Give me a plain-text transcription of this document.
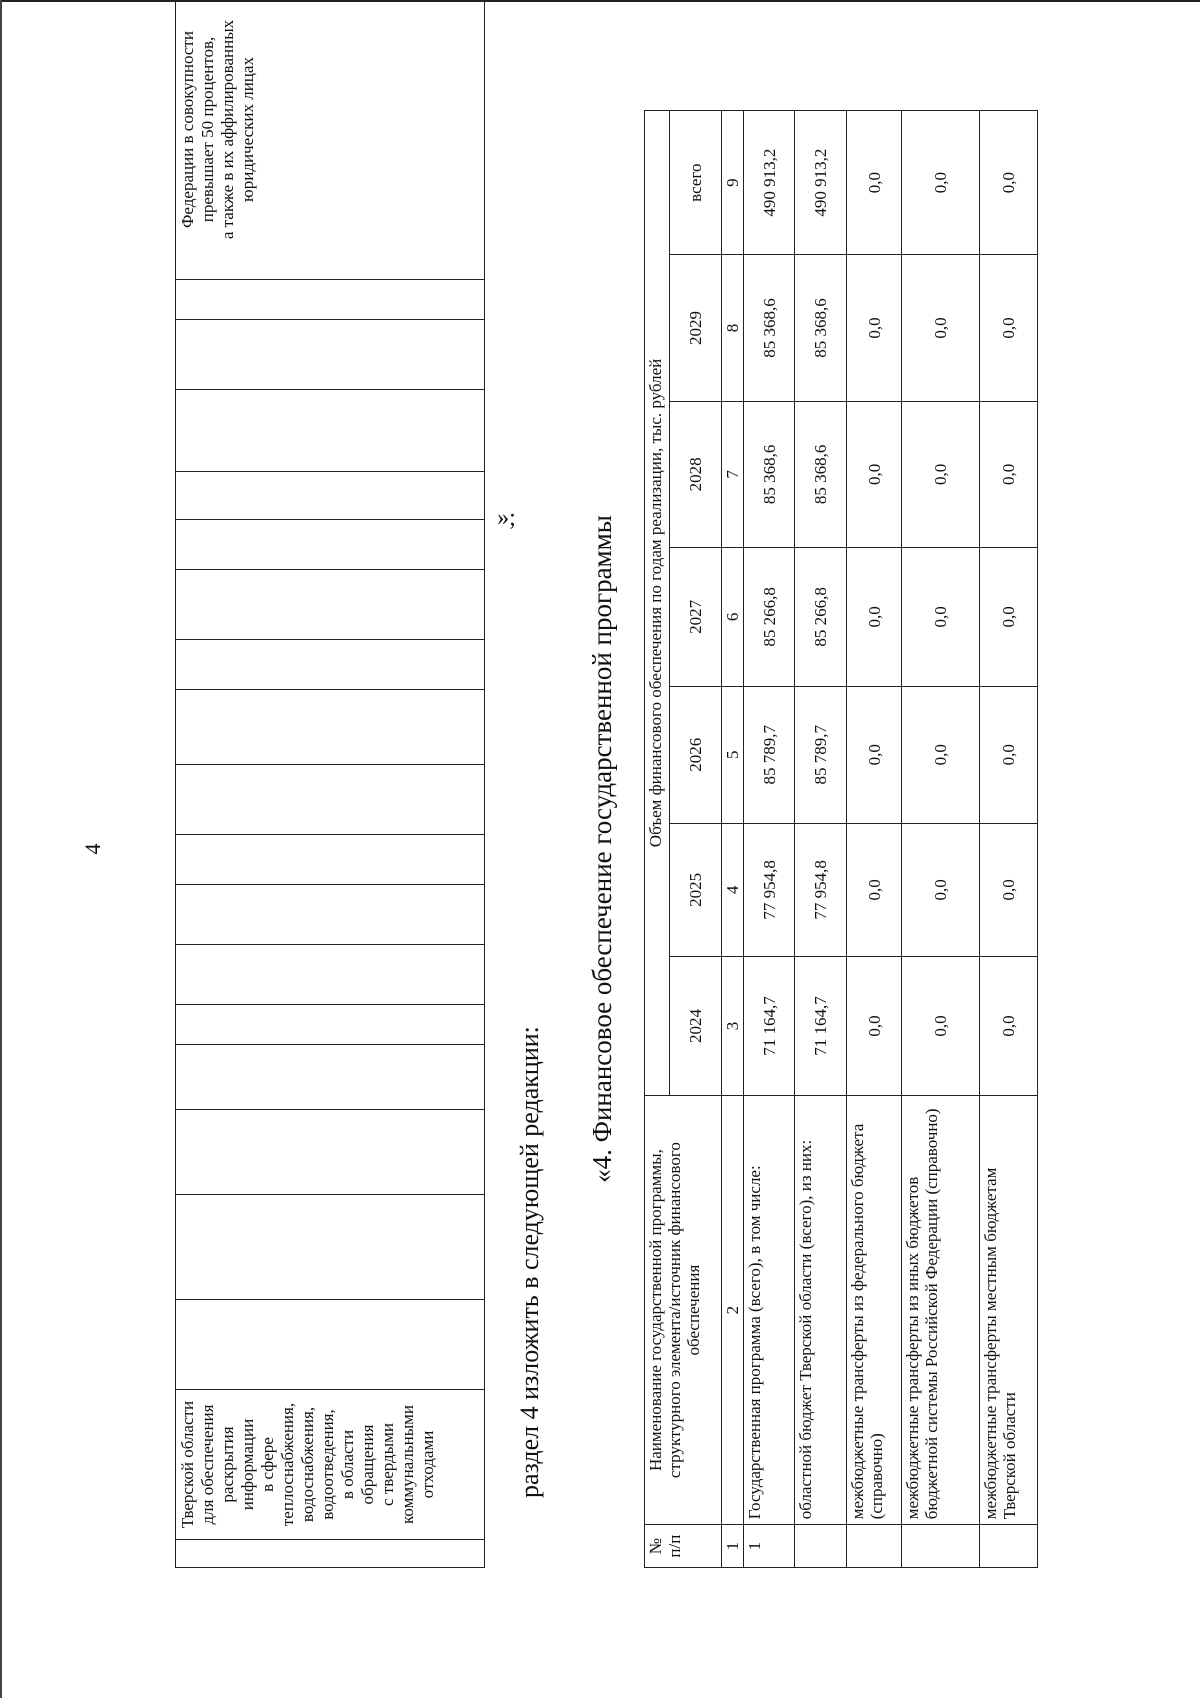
4

Тверской области для обеспечения раскрытия информации в сфере теплоснабжения, водоснабжения, водоотведения, в области обращения с твердыми коммунальными отходами

Федерации в совокупности превышает 50 процентов, а также в их аффилированных юридических лицах

»;
раздел 4 изложить в следующей редакции:
«4. Финансовое обеспечение государственной программы
№ п/п	Наименование государственной программы, структурного элемента/источник финансового обеспечения	Объем финансового обеспечения по годам реализации, тыс. рублей						
		2024	2025	2026	2027	2028	2029	всего
1	2	3	4	5	6	7	8	9
1	Государственная программа (всего), в том числе:	71 164,7	77 954,8	85 789,7	85 266,8	85 368,6	85 368,6	490 913,2
	областной бюджет Тверской области (всего), из них:	71 164,7	77 954,8	85 789,7	85 266,8	85 368,6	85 368,6	490 913,2
	межбюджетные трансферты из федерального бюджета (справочно)	0,0	0,0	0,0	0,0	0,0	0,0	0,0
	межбюджетные трансферты из иных бюджетов бюджетной системы Российской Федерации (справочно)	0,0	0,0	0,0	0,0	0,0	0,0	0,0
	межбюджетные трансферты местным бюджетам Тверской области	0,0	0,0	0,0	0,0	0,0	0,0	0,0
